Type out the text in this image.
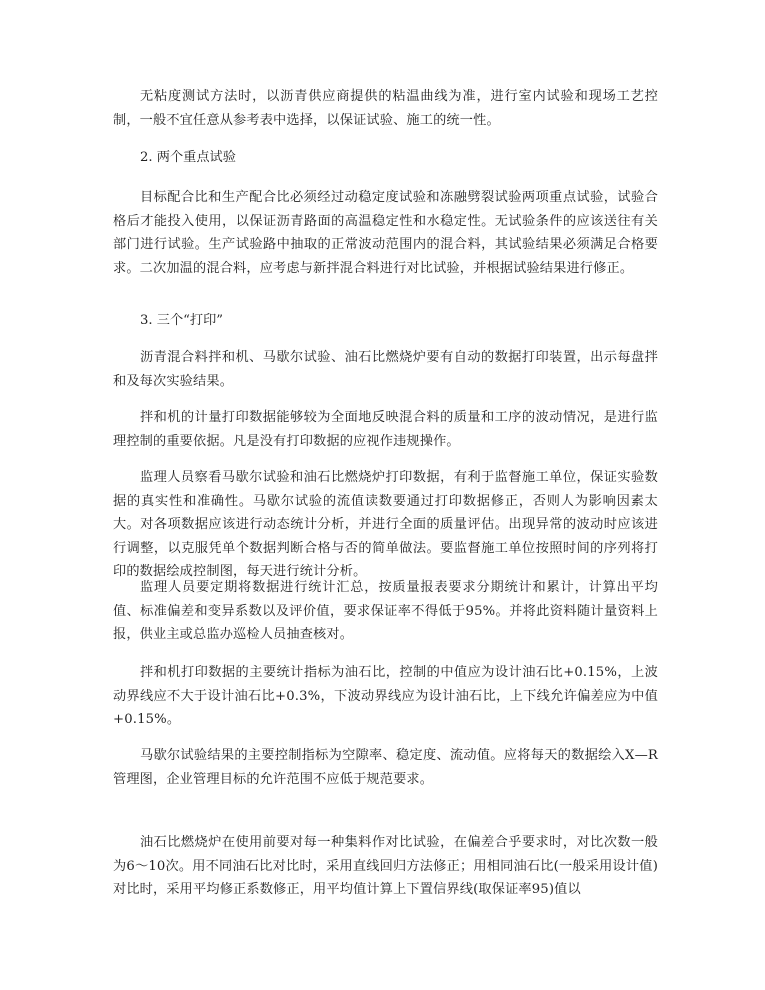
无粘度测试方法时，以沥青供应商提供的粘温曲线为准，进行室内试验和现场工艺控制，一般不宜任意从参考表中选择，以保证试验、施工的统一性。

2. 两个重点试验

目标配合比和生产配合比必须经过动稳定度试验和冻融劈裂试验两项重点试验，试验合格后才能投入使用，以保证沥青路面的高温稳定性和水稳定性。无试验条件的应该送往有关部门进行试验。生产试验路中抽取的正常波动范围内的混合料，其试验结果必须满足合格要求。二次加温的混合料，应考虑与新拌混合料进行对比试验，并根据试验结果进行修正。

3. 三个“打印”

沥青混合料拌和机、马歇尔试验、油石比燃烧炉要有自动的数据打印装置，出示每盘拌和及每次实验结果。

拌和机的计量打印数据能够较为全面地反映混合料的质量和工序的波动情况，是进行监理控制的重要依据。凡是没有打印数据的应视作违规操作。

监理人员察看马歇尔试验和油石比燃烧炉打印数据，有利于监督施工单位，保证实验数据的真实性和准确性。马歇尔试验的流值读数要通过打印数据修正，否则人为影响因素太大。对各项数据应该进行动态统计分析，并进行全面的质量评估。出现异常的波动时应该进行调整，以克服凭单个数据判断合格与否的简单做法。要监督施工单位按照时间的序列将打印的数据绘成控制图，每天进行统计分析。

监理人员要定期将数据进行统计汇总，按质量报表要求分期统计和累计，计算出平均值、标准偏差和变异系数以及评价值，要求保证率不得低于95%。并将此资料随计量资料上报，供业主或总监办巡检人员抽查核对。

拌和机打印数据的主要统计指标为油石比，控制的中值应为设计油石比+0.15%，上波动界线应不大于设计油石比+0.3%，下波动界线应为设计油石比，上下线允许偏差应为中值+0.15%。

马歇尔试验结果的主要控制指标为空隙率、稳定度、流动值。应将每天的数据绘入X—R管理图，企业管理目标的允许范围不应低于规范要求。

油石比燃烧炉在使用前要对每一种集料作对比试验，在偏差合乎要求时，对比次数一般为6～10次。用不同油石比对比时，采用直线回归方法修正；用相同油石比(一般采用设计值)对比时，采用平均修正系数修正，用平均值计算上下置信界线(取保证率95)值以
